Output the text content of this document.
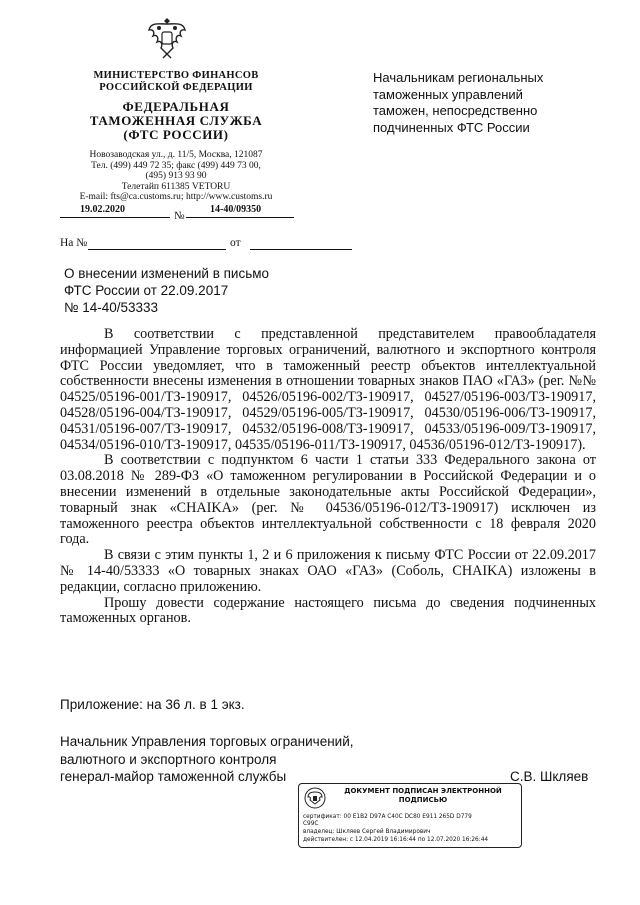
МИНИСТЕРСТВО ФИНАНСОВ
РОССИЙСКОЙ ФЕДЕРАЦИИ
ФЕДЕРАЛЬНАЯ
ТАМОЖЕННАЯ СЛУЖБА
(ФТС РОССИИ)
Новозаводская ул., д. 11/5, Москва, 121087
Тел. (499) 449 72 35; факс (499) 449 73 00,
(495) 913 93 90
Телетайп 611385 VETORU
E-mail: fts@ca.customs.ru; http://www.customs.ru
19.02.2020
№
14-40/09350
На №	от
Начальникам региональных
таможенных управлений
таможен, непосредственно
подчиненных ФТС России
О внесении изменений в письмо
ФТС России от 22.09.2017
№ 14-40/53333

В соответствии с представленной представителем правообладателя информацией Управление торговых ограничений, валютного и экспортного контроля ФТС России уведомляет, что в таможенный реестр объектов интеллектуальной собственности внесены изменения в отношении товарных знаков ПАО «ГАЗ» (рег. №№ 04525/05196-001/ТЗ-190917, 04526/05196-002/ТЗ-190917, 04527/05196-003/ТЗ-190917, 04528/05196-004/ТЗ-190917, 04529/05196-005/ТЗ-190917, 04530/05196-006/ТЗ-190917, 04531/05196-007/ТЗ-190917, 04532/05196-008/ТЗ-190917, 04533/05196-009/ТЗ-190917, 04534/05196-010/ТЗ-190917, 04535/05196-011/ТЗ-190917, 04536/05196-012/ТЗ-190917).

В соответствии с подпунктом 6 части 1 статьи 333 Федерального закона от 03.08.2018 № 289-ФЗ «О таможенном регулировании в Российской Федерации и о внесении изменений в отдельные законодательные акты Российской Федерации», товарный знак «CHAIKA» (рег. № 04536/05196-012/ТЗ-190917) исключен из таможенного реестра объектов интеллектуальной собственности с 18 февраля 2020 года.

В связи с этим пункты 1, 2 и 6 приложения к письму ФТС России от 22.09.2017 № 14-40/53333 «О товарных знаках ОАО «ГАЗ» (Соболь, CHAIKA) изложены в редакции, согласно приложению.

Прошу довести содержание настоящего письма до сведения подчиненных таможенных органов.

Приложение: на 36 л. в 1 экз.
Начальник Управления торговых ограничений,
валютного и экспортного контроля
генерал-майор таможенной службы	С.В. Шкляев
ДОКУМЕНТ ПОДПИСАН ЭЛЕКТРОННОЙ
ПОДПИСЬЮ
сертификат: 00 E1B2 D97A C40C DC80 E911 265D D779
C99C
владелец: Шкляев Сергей Владимирович
действителен: с 12.04.2019 16:16:44 по 12.07.2020 16:26:44
